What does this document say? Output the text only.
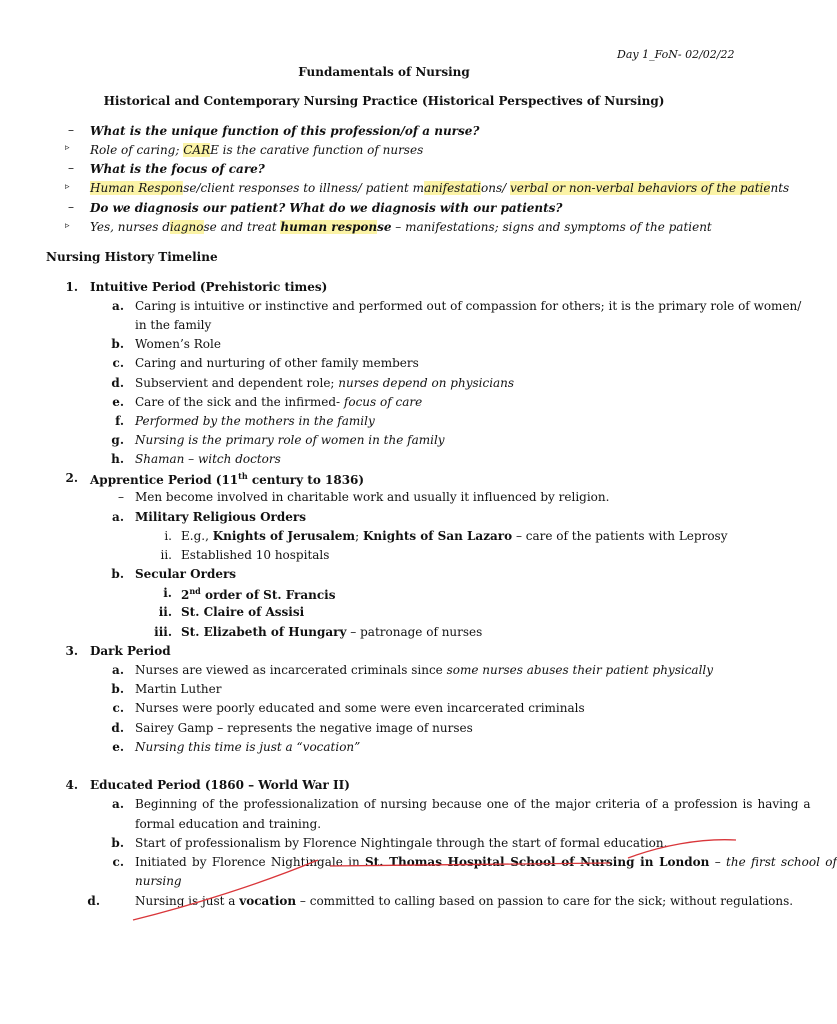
Day 1_FoN- 02/02/22
Fundamentals of Nursing
Historical and Contemporary Nursing Practice (Historical Perspectives of Nursing)
– What is the unique function of this profession/of a nurse?
▹ Role of caring; CARE is the carative function of nurses
– What is the focus of care?
▹ Human Response/client responses to illness/ patient manifestations/ verbal or non-verbal behaviors of the patients
– Do we diagnosis our patient? What do we diagnosis with our patients?
▹ Yes, nurses diagnose and treat human response – manifestations; signs and symptoms of the patient
Nursing History Timeline
1. Intuitive Period (Prehistoric times)
a. Caring is intuitive or instinctive and performed out of compassion for others; it is the primary role of women/
in the family
b. Women’s Role
c. Caring and nurturing of other family members
d. Subservient and dependent role; nurses depend on physicians
e. Care of the sick and the infirmed- focus of care
f. Performed by the mothers in the family
g. Nursing is the primary role of women in the family
h. Shaman – witch doctors
2. Apprentice Period (11th century to 1836)
– Men become involved in charitable work and usually it influenced by religion.
a. Military Religious Orders
i. E.g., Knights of Jerusalem; Knights of San Lazaro – care of the patients with Leprosy
ii. Established 10 hospitals
b. Secular Orders
i. 2nd order of St. Francis
ii. St. Claire of Assisi
iii. St. Elizabeth of Hungary – patronage of nurses
3. Dark Period
a. Nurses are viewed as incarcerated criminals since some nurses abuses their patient physically
b. Martin Luther
c. Nurses were poorly educated and some were even incarcerated criminals
d. Sairey Gamp – represents the negative image of nurses
e. Nursing this time is just a “vocation”
4. Educated Period (1860 – World War II)
a. Beginning of the professionalization of nursing because one of the major criteria of a profession is having a
formal education and training.
b. Start of professionalism by Florence Nightingale through the start of formal education.
c. Initiated by Florence Nightingale in St. Thomas Hospital School of Nursing in London – the first school of
nursing
d.	Nursing is just a vocation – committed to calling based on passion to care for the sick; without regulations.
